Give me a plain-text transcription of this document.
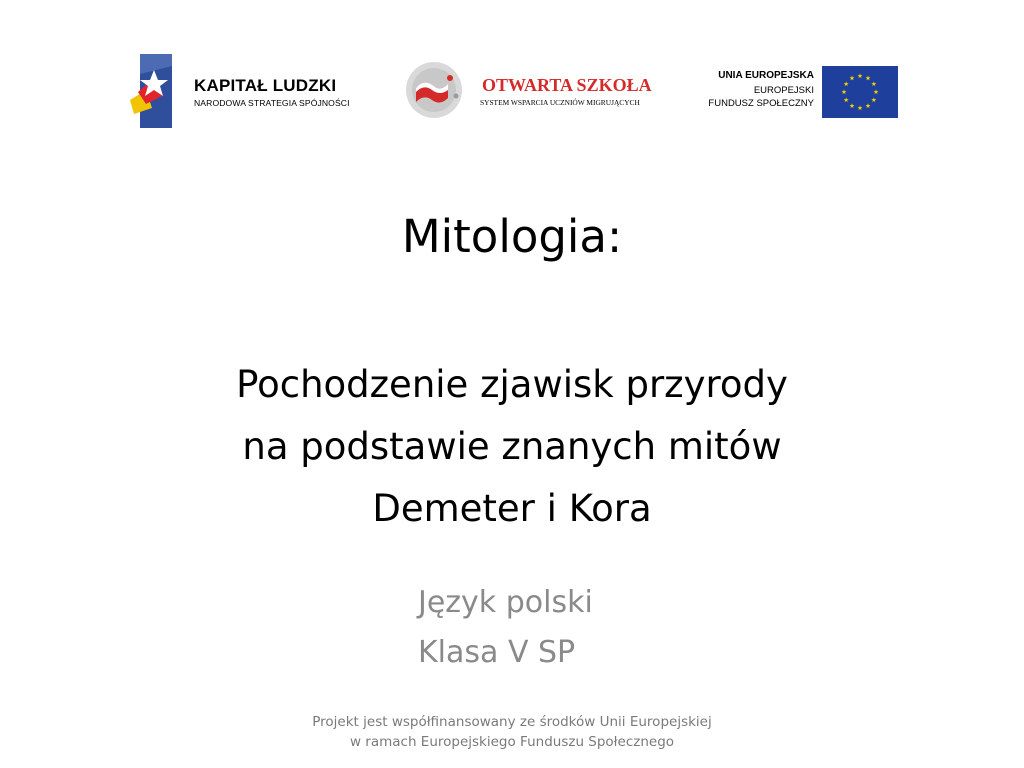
KAPITAŁ LUDZKI
NARODOWA STRATEGIA SPÓJNOŚCI
OTWARTA SZKOŁA
SYSTEM WSPARCIA UCZNIÓW MIGRUJĄCYCH
UNIA EUROPEJSKA
EUROPEJSKI
FUNDUSZ SPOŁECZNY
Mitologia:
Pochodzenie zjawisk przyrody
na podstawie znanych mitów
Demeter i Kora
Język polski
Klasa V SP
Projekt jest współfinansowany ze środków Unii Europejskiej
w ramach Europejskiego Funduszu Społecznego
